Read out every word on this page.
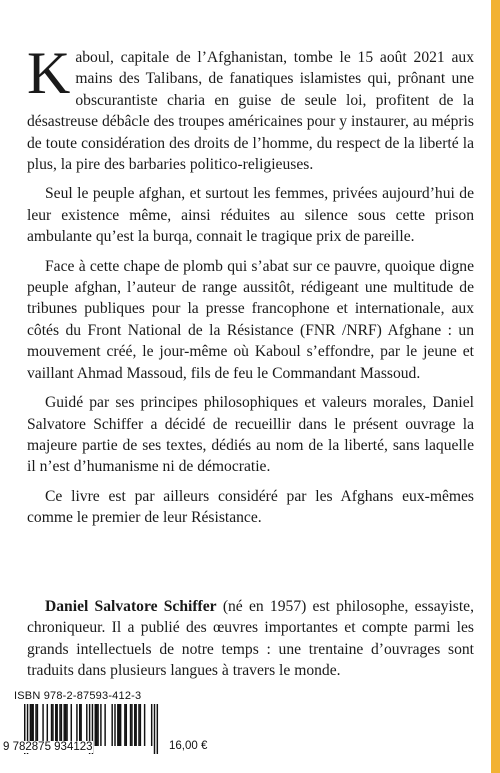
Kaboul, capitale de l’Afghanistan, tombe le 15 août 2021 aux mains des Talibans, de fanatiques islamistes qui, prônant une obscurantiste charia en guise de seule loi, profitent de la désastreuse débâcle des troupes américaines pour y instaurer, au mépris de toute considération des droits de l’homme, du respect de la liberté la plus, la pire des barbaries politico-religieuses.

Seul le peuple afghan, et surtout les femmes, privées aujourd’hui de leur existence même, ainsi réduites au silence sous cette prison ambulante qu’est la burqa, connait le tragique prix de pareille.

Face à cette chape de plomb qui s’abat sur ce pauvre, quoique digne peuple afghan, l’auteur de range aussitôt, rédigeant une multitude de tribunes publiques pour la presse francophone et internationale, aux côtés du Front National de la Résistance (FNR /NRF) Afghane : un mouvement créé, le jour-même où Kaboul s’effondre, par le jeune et vaillant Ahmad Massoud, fils de feu le Commandant Massoud.

Guidé par ses principes philosophiques et valeurs morales, Daniel Salvatore Schiffer a décidé de recueillir dans le présent ouvrage la majeure partie de ses textes, dédiés au nom de la liberté, sans laquelle il n’est d’humanisme ni de démocratie.

Ce livre est par ailleurs considéré par les Afghans eux-mêmes comme le premier de leur Résistance.

Daniel Salvatore Schiffer (né en 1957) est philosophe, essayiste, chroniqueur. Il a publié des œuvres importantes et compte parmi les grands intellectuels de notre temps : une trentaine d’ouvrages sont traduits dans plusieurs langues à travers le monde.

ISBN 978-2-87593-412-3
9 782875 934123	16,00 €
